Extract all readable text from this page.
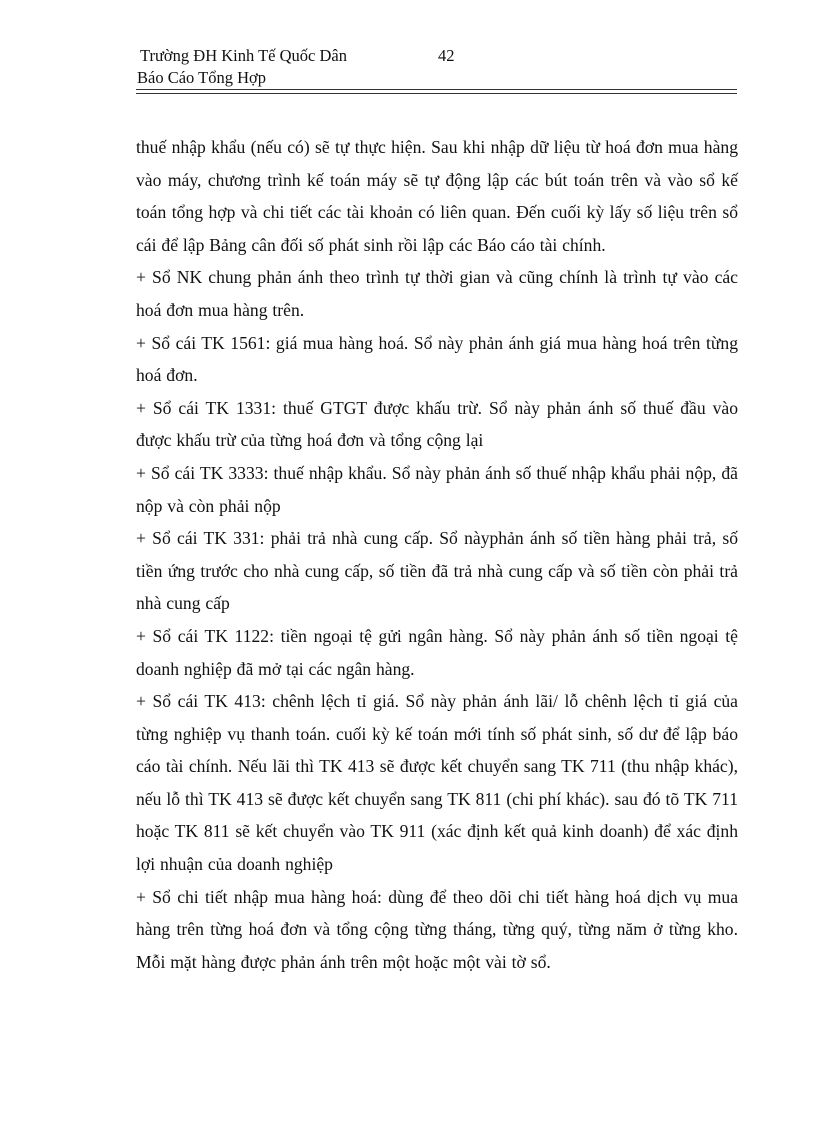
Trường ĐH Kinh Tế Quốc Dân	42
Báo Cáo Tổng Hợp

thuế nhập khẩu (nếu có) sẽ tự thực hiện. Sau khi nhập dữ liệu từ hoá đơn mua hàng vào máy, chương trình kế toán máy sẽ tự động lập các bút toán trên và vào sổ kế toán tổng hợp và chi tiết các tài khoản có liên quan. Đến cuối kỳ lấy số liệu trên sổ cái để lập Bảng cân đối số phát sinh rồi lập các Báo cáo tài chính.

+ Sổ NK chung phản ánh theo trình tự thời gian và cũng chính là trình tự vào các hoá đơn mua hàng trên.

+ Sổ cái TK 1561: giá mua hàng hoá. Sổ này phản ánh giá mua hàng hoá trên từng hoá đơn.

+ Sổ cái TK 1331: thuế GTGT được khấu trừ. Sổ này phản ánh số thuế đầu vào được khấu trừ của từng hoá đơn và tổng cộng lại

+ Sổ cái TK 3333: thuế nhập khẩu. Sổ này phản ánh số thuế nhập khẩu phải nộp, đã nộp và còn phải nộp

+ Sổ cái TK 331: phải trả nhà cung cấp. Sổ nàyphản ánh số tiền hàng phải trả, số tiền ứng trước cho nhà cung cấp, số tiền đã trả nhà cung cấp và số tiền còn phải trả nhà cung cấp

+ Sổ cái TK 1122: tiền ngoại tệ gửi ngân hàng. Sổ này phản ánh số tiền ngoại tệ doanh nghiệp đã mở tại các ngân hàng.

+ Sổ cái TK 413: chênh lệch tỉ giá. Sổ này phản ánh lãi/ lỗ chênh lệch tỉ giá của từng nghiệp vụ thanh toán. cuối kỳ kế toán mới tính số phát sinh, số dư để lập báo cáo tài chính. Nếu lãi thì TK 413 sẽ được kết chuyển sang TK 711 (thu nhập khác), nếu lỗ thì TK 413 sẽ được kết chuyển sang TK 811 (chi phí khác). sau đó tõ TK 711 hoặc TK 811 sẽ kết chuyển vào TK 911 (xác định kết quả kinh doanh) để xác định lợi nhuận của doanh nghiệp

+ Sổ chi tiết nhập mua hàng hoá: dùng để theo dõi chi tiết hàng hoá dịch vụ mua hàng trên từng hoá đơn và tổng cộng từng tháng, từng quý, từng năm ở từng kho. Mỗi mặt hàng được phản ánh trên một hoặc một vài tờ sổ.
